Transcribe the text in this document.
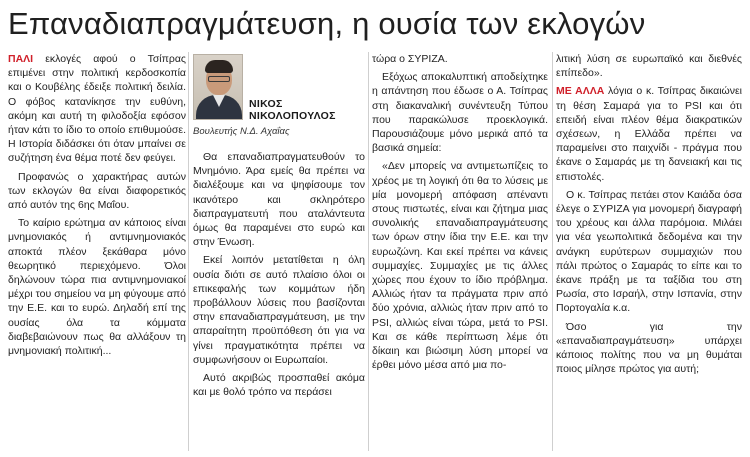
Επαναδιαπραγμάτευση, η ουσία των εκλογών

ΠΑΛΙ εκλογές αφού ο Τσίπρας επιμένει στην πολιτική κερδοσκοπία και ο Κουβέλης έδειξε πολιτική δειλία. Ο φόβος κατανίκησε την ευθύνη, ακόμη και αυτή τη φιλοδοξία εφόσον ήταν κάτι το ίδιο το οποίο επιθυμούσε. Η Ιστορία διδάσκει ότι όταν μπαίνει σε συζήτηση ένα θέμα ποτέ δεν φεύγει.

Προφανώς ο χαρακτήρας αυτών των εκλογών θα είναι διαφορετικός από αυτόν της 6ης Μαΐου.

Το καίριο ερώτημα αν κάποιος είναι μνημονιακός ή αντιμνημονιακός αποκτά πλέον ξεκάθαρα μόνο θεωρητικό περιεχόμενο. Όλοι δηλώνουν τώρα πια αντιμνημονιακοί μέχρι του σημείου να μη φύγουμε από την Ε.Ε. και το ευρώ. Δηλαδή επί της ουσίας όλα τα κόμματα διαβεβαιώνουν πως θα αλλάξουν τη μνημονιακή πολιτική...

ΝΙΚΟΣ
ΝΙΚΟΛΟΠΟΥΛΟΣ
Βουλευτής Ν.Δ. Αχαΐας

Θα επαναδιαπραγματευθούν το Μνημόνιο. Άρα εμείς θα πρέπει να διαλέξουμε και να ψηφίσουμε τον ικανότερο και σκληρότερο διαπραγματευτή που αταλάντευτα όμως θα παραμένει στο ευρώ και στην Ένωση.

Εκεί λοιπόν μετατίθεται η όλη ουσία διότι σε αυτό πλαίσιο όλοι οι επικεφαλής των κομμάτων ήδη προβάλλουν λύσεις που βασίζονται στην επαναδιαπραγμάτευση, με την απαραίτητη προϋπόθεση ότι για να γίνει πραγματικότητα πρέπει να συμφωνήσουν οι Ευρωπαίοι.

Αυτό ακριβώς προσπαθεί ακόμα και με θολό τρόπο να περάσει

τώρα ο ΣΥΡΙΖΑ.

Εξόχως αποκαλυπτική αποδείχτηκε η απάντηση που έδωσε ο Α. Τσίπρας στη διακαναλική συνέντευξη Τύπου που παρακώλυσε προεκλογικά. Παρουσιάζουμε μόνο μερικά από τα βασικά σημεία:

«Δεν μπορείς να αντιμετωπίζεις το χρέος με τη λογική ότι θα το λύσεις με μία μονομερή απόφαση απέναντι στους πιστωτές, είναι και ζήτημα μιας συνολικής επαναδιαπραγμάτευσης των όρων στην ίδια την Ε.Ε. και την ευρωζώνη. Και εκεί πρέπει να κάνεις συμμαχίες. Συμμαχίες με τις άλλες χώρες που έχουν το ίδιο πρόβλημα. Αλλιώς ήταν τα πράγματα πριν από δύο χρόνια, αλλιώς ήταν πριν από το PSI, αλλιώς είναι τώρα, μετά το PSI. Και σε κάθε περίπτωση λέμε ότι δίκαιη και βιώσιμη λύση μπορεί να έρθει μόνο μέσα από μια πο-

λιτική λύση σε ευρωπαϊκό και διεθνές επίπεδο».

ΜΕ ΑΛΛΑ λόγια ο κ. Τσίπρας δικαιώνει τη θέση Σαμαρά για το PSI και ότι επειδή είναι πλέον θέμα διακρατικών σχέσεων, η Ελλάδα πρέπει να παραμείνει στο παιχνίδι - πράγμα που έκανε ο Σαμαράς με τη δανειακή και τις επιστολές.

Ο κ. Τσίπρας πετάει στον Καιάδα όσα έλεγε ο ΣΥΡΙΖΑ για μονομερή διαγραφή του χρέους και άλλα παρόμοια. Μιλάει για νέα γεωπολιτικά δεδομένα και την ανάγκη ευρύτερων συμμαχιών που πάλι πρώτος ο Σαμαράς το είπε και το έκανε πράξη με τα ταξίδια του στη Ρωσία, στο Ισραήλ, στην Ισπανία, στην Πορτογαλία κ.α.

Όσο για την «επαναδιαπραγμάτευση» υπάρχει κάποιος πολίτης που να μη θυμάται ποιος μίλησε πρώτος για αυτή;
